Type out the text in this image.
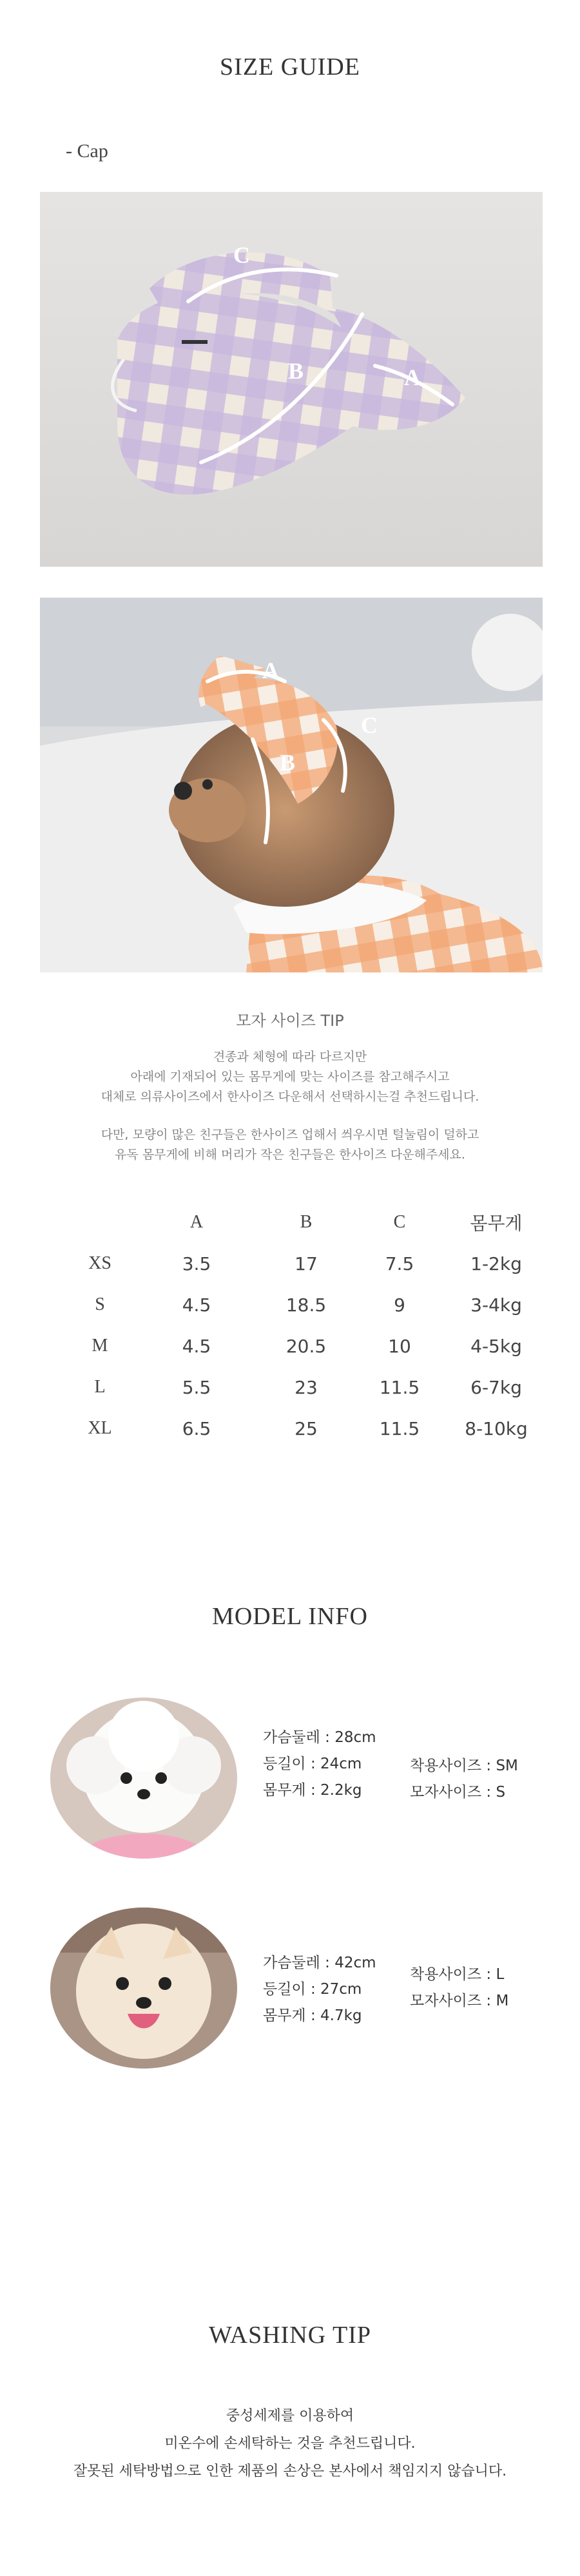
SIZE GUIDE
- Cap
C
B	A
A
C
B
모자 사이즈 TIP
견종과 체형에 따라 다르지만
아래에 기재되어 있는 몸무게에 맞는 사이즈를 참고해주시고
대체로 의류사이즈에서 한사이즈 다운해서 선택하시는걸 추천드립니다.
다만, 모량이 많은 친구들은 한사이즈 업해서 씌우시면 털눌림이 덜하고
유독 몸무게에 비해 머리가 작은 친구들은 한사이즈 다운해주세요.
	A	B	C	몸무게
XS	3.5	17	7.5	1-2kg
S	4.5	18.5	9	3-4kg
M	4.5	20.5	10	4-5kg
L	5.5	23	11.5	6-7kg
XL	6.5	25	11.5	8-10kg
MODEL INFO
가슴둘레 : 28cm
등길이 : 24cm
몸무게 : 2.2kg
착용사이즈 : SM
모자사이즈 : S
가슴둘레 : 42cm
등길이 : 27cm
몸무게 : 4.7kg
착용사이즈 : L
모자사이즈 : M
WASHING TIP
중성세제를 이용하여
미온수에 손세탁하는 것을 추천드립니다.
잘못된 세탁방법으로 인한 제품의 손상은 본사에서 책임지지 않습니다.
